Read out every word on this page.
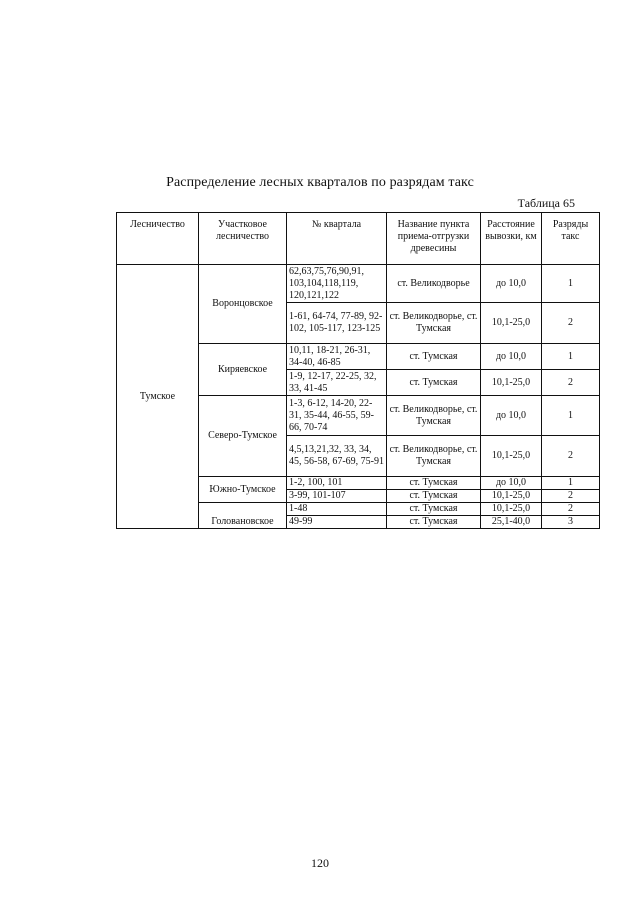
Распределение лесных кварталов по разрядам такс
Таблица 65
Лесничество	Участковое лесничество	№ квартала	Название пункта приема-отгрузки древесины	Расстояние вывозки, км	Разряды такс
Тумское	Воронцовское	62,63,75,76,90,91, 103,104,118,119, 120,121,122	ст. Великодворье	до 10,0	1
		1-61, 64-74, 77-89, 92-102, 105-117, 123-125	ст. Великодворье, ст. Тумская	10,1-25,0	2
	Киряевское	10,11, 18-21, 26-31, 34-40, 46-85	ст. Тумская	до 10,0	1
		1-9, 12-17, 22-25, 32, 33, 41-45	ст. Тумская	10,1-25,0	2
	Северо-Тумское	1-3, 6-12, 14-20, 22-31, 35-44, 46-55, 59-66, 70-74	ст. Великодворье, ст. Тумская	до 10,0	1
		4,5,13,21,32, 33, 34, 45, 56-58, 67-69, 75-91	ст. Великодворье, ст. Тумская	10,1-25,0	2
	Южно-Тумское	1-2, 100, 101	ст. Тумская	до 10,0	1
		3-99, 101-107	ст. Тумская	10,1-25,0	2
	Голованoвское	1-48	ст. Тумская	10,1-25,0	2
		49-99	ст. Тумская	25,1-40,0	3
120
